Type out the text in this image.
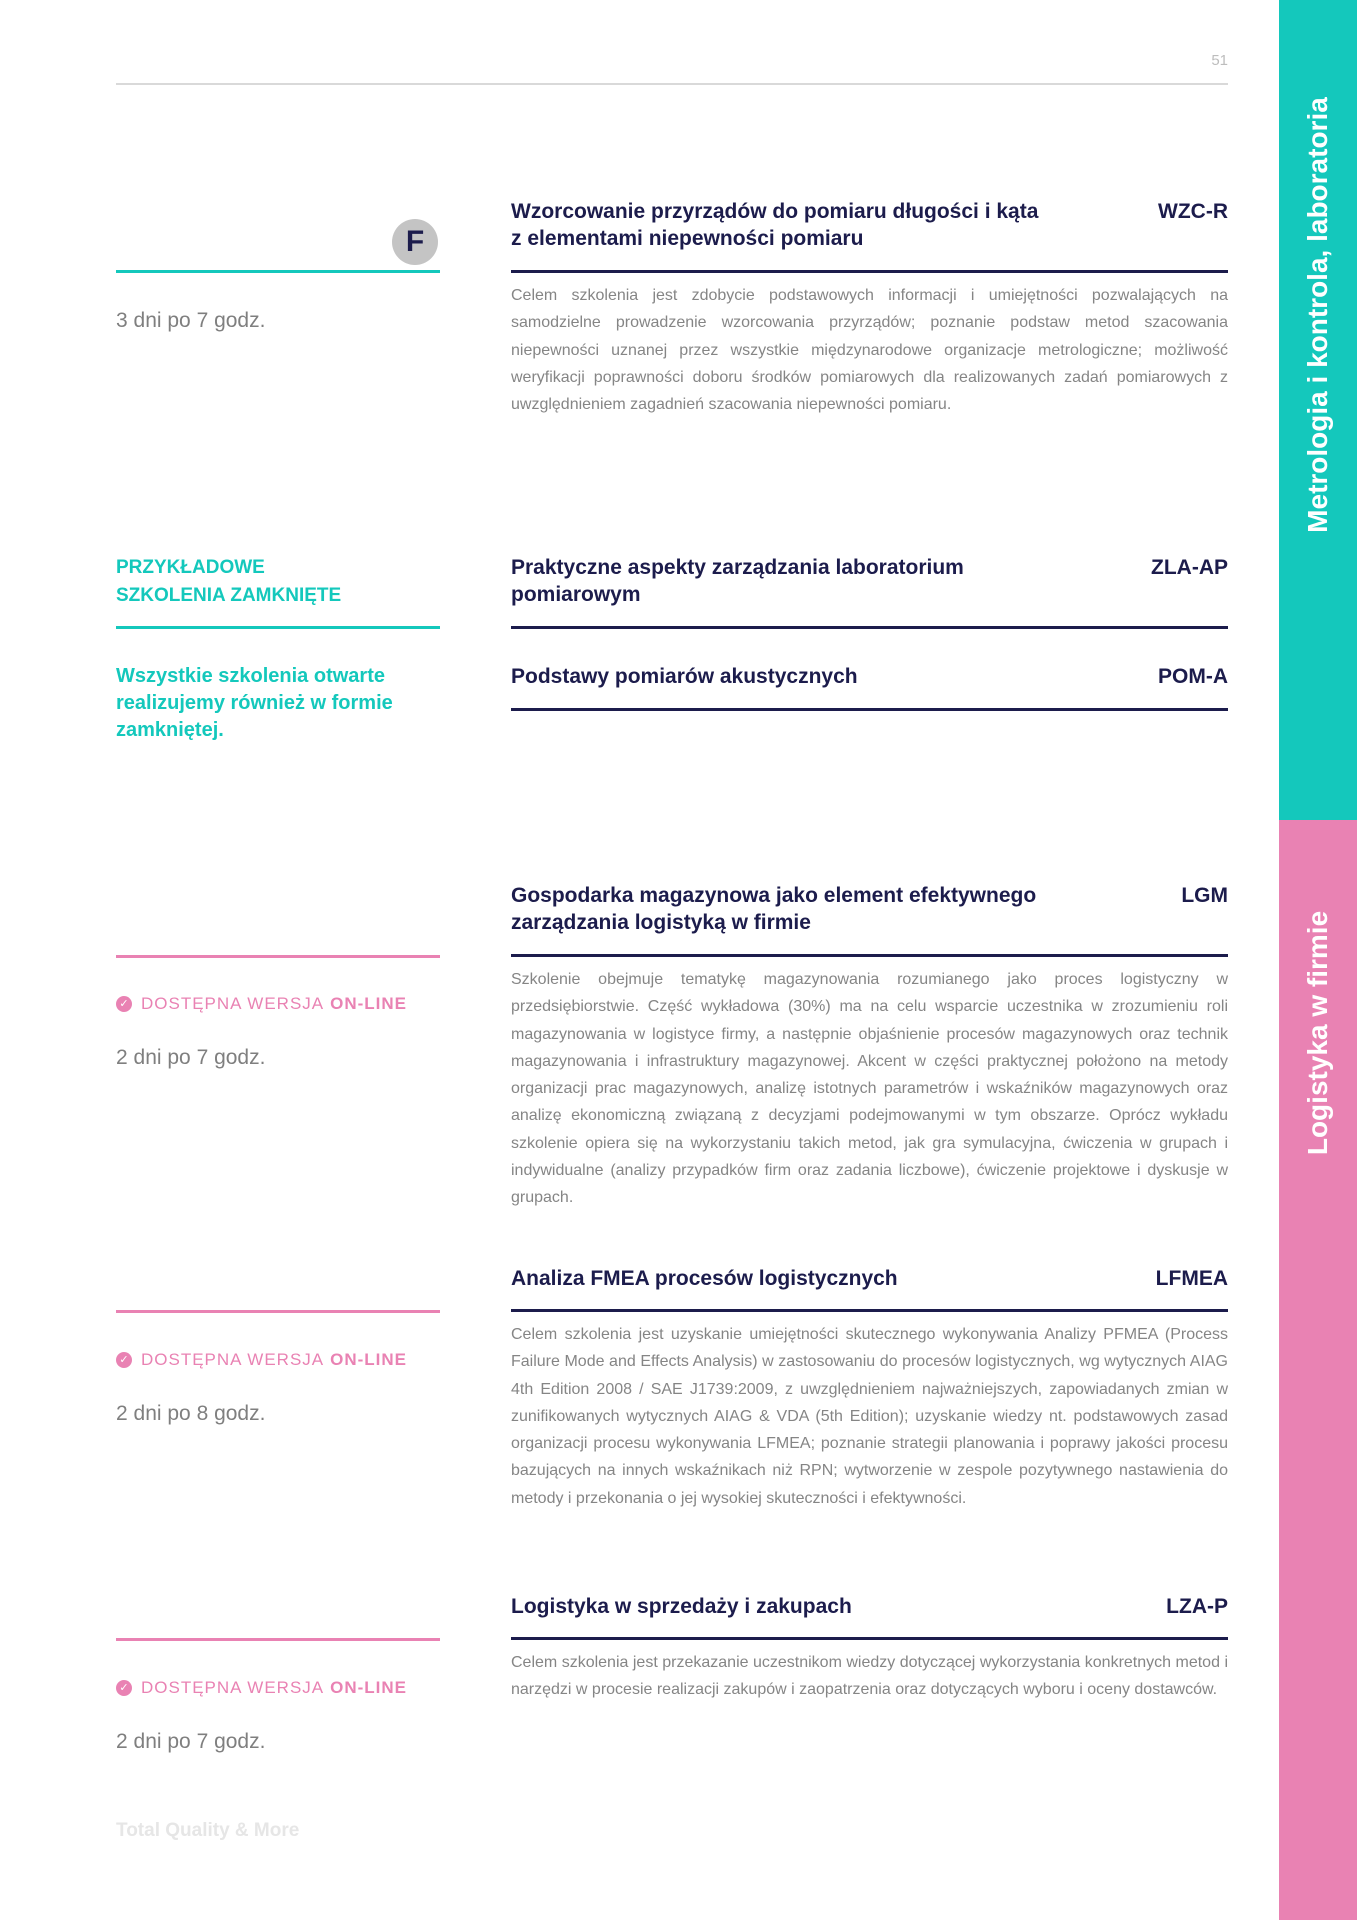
51
Metrologia i kontrola, laboratoria
Logistyka w firmie
F
3 dni po 7 godz.
Wzorcowanie przyrządów do pomiaru długości i kąta z elementami niepewności pomiaru
WZC-R
Celem szkolenia jest zdobycie podstawowych informacji i umiejętności pozwalających na samodzielne prowadzenie wzorcowania przyrządów; poznanie podstaw metod szacowania niepewności uznanej przez wszystkie międzynarodowe organizacje metrologiczne; możliwość weryfikacji poprawności doboru środków pomiarowych dla realizowanych zadań pomiarowych z uwzględnieniem zagadnień szacowania niepewności pomiaru.
PRZYKŁADOWE
SZKOLENIA ZAMKNIĘTE
Wszystkie szkolenia otwarte realizujemy również w formie zamkniętej.
Praktyczne aspekty zarządzania laboratorium pomiarowym
ZLA-AP
Podstawy pomiarów akustycznych	POM-A
✓ DOSTĘPNA WERSJA ON-LINE
2 dni po 7 godz.
Gospodarka magazynowa jako element efektywnego zarządzania logistyką w firmie
LGM
Szkolenie obejmuje tematykę magazynowania rozumianego jako proces logistyczny w przedsiębiorstwie. Część wykładowa (30%) ma na celu wsparcie uczestnika w zrozumieniu roli magazynowania w logistyce firmy, a następnie objaśnienie procesów magazynowych oraz technik magazynowania i infrastruktury magazynowej. Akcent w części praktycznej położono na metody organizacji prac magazynowych, analizę istotnych parametrów i wskaźników magazynowych oraz analizę ekonomiczną związaną z decyzjami podejmowanymi w tym obszarze. Oprócz wykładu szkolenie opiera się na wykorzystaniu takich metod, jak gra symulacyjna, ćwiczenia w grupach i indywidualne (analizy przypadków firm oraz zadania liczbowe), ćwiczenie projektowe i dyskusje w grupach.
✓ DOSTĘPNA WERSJA ON-LINE
2 dni po 8 godz.
Analiza FMEA procesów logistycznych	LFMEA
Celem szkolenia jest uzyskanie umiejętności skutecznego wykonywania Analizy PFMEA (Process Failure Mode and Effects Analysis) w zastosowaniu do procesów logistycznych, wg wytycznych AIAG 4th Edition 2008 / SAE J1739:2009, z uwzględnieniem najważniejszych, zapowiadanych zmian w zunifikowanych wytycznych AIAG & VDA (5th Edition); uzyskanie wiedzy nt. podstawowych zasad organizacji procesu wykonywania LFMEA; poznanie strategii planowania i poprawy jakości procesu bazujących na innych wskaźnikach niż RPN; wytworzenie w zespole pozytywnego nastawienia do metody i przekonania o jej wysokiej skuteczności i efektywności.
✓ DOSTĘPNA WERSJA ON-LINE
2 dni po 7 godz.
Logistyka w sprzedaży i zakupach	LZA-P
Celem szkolenia jest przekazanie uczestnikom wiedzy dotyczącej wykorzystania konkretnych metod i narzędzi w procesie realizacji zakupów i zaopatrzenia oraz dotyczących wyboru i oceny dostawców.
Total Quality & More
